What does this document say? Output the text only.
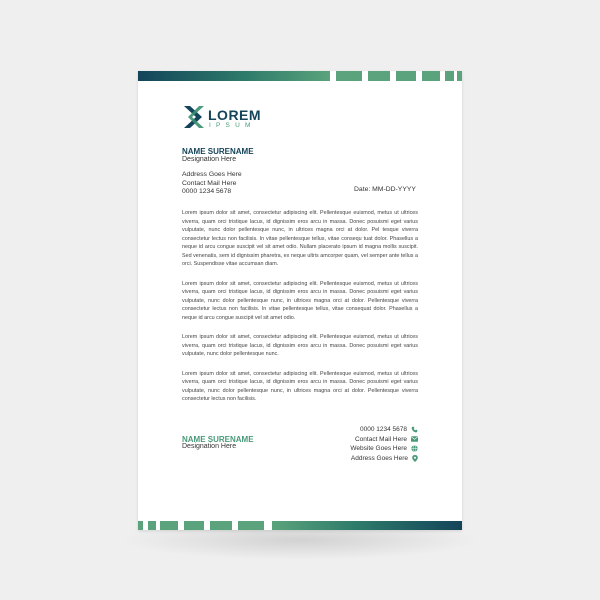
LOREM
IPSUM
NAME SURENAME
Designation Here
Address Goes Here
Contact Mail Here
0000 1234 5678	Date: MM-DD-YYYY

Lorem ipsum dolor sit amet, consectetur adipiscing elit. Pellentesque euismod, metus ut ultrices viverra, quam orci tristique lacus, id dignissim eros arcu in massa. Donec posuismi eget varius vulputate, nunc dolor pellentesque nunc, in ultrices magna orci at dolor. Pel tesque viverra consectetur lectus non facilisis. In vitae pellentesque tellus, vitae consequ tuat dolor. Phasellus a neque id arcu congue suscipit vel sit amet odio. Nullam placerato ipsum id magna mollis suscipit. Sed venenatis, sem id dignissim pharetra, ex neque ultris amcorper quam, vel semper ante tellus a orci. Suspendisse vitae accumsan diam.

Lorem ipsum dolor sit amet, consectetur adipiscing elit. Pellentesque euismod, metus ut ultrices viverra, quam orci tristique lacus, id dignissim eros arcu in massa. Donec posuismi eget varius vulputate, nunc dolor pellentesque nunc, in ultrices magna orci at dolor. Pellentesque viverra consectetur lectus non facilisis. In vitae pellentesque tellus, vitae consequat dolor. Phasellus a neque id arcu congue suscipit vel sit amet odio.

Lorem ipsum dolor sit amet, consectetur adipiscing elit. Pellentesque euismod, metus ut ultrices viverra, quam orci tristique lacus, id dignissim eros arcu in massa. Donec posuismi eget varius vulputate, nunc dolor pellentesque nunc.

Lorem ipsum dolor sit amet, consectetur adipiscing elit. Pellentesque euismod, metus ut ultrices viverra, quam orci tristique lacus, id dignissim eros arcu in massa. Donec posuismi eget varius vulputate, nunc dolor pellentesque nunc, in ultrices magna orci at dolor. Pellentesque viverra consectetur lectus non facilisis.

NAME SURENAME
Designation Here
0000 1234 5678
Contact Mail Here
Website Goes Here
Address Goes Here
